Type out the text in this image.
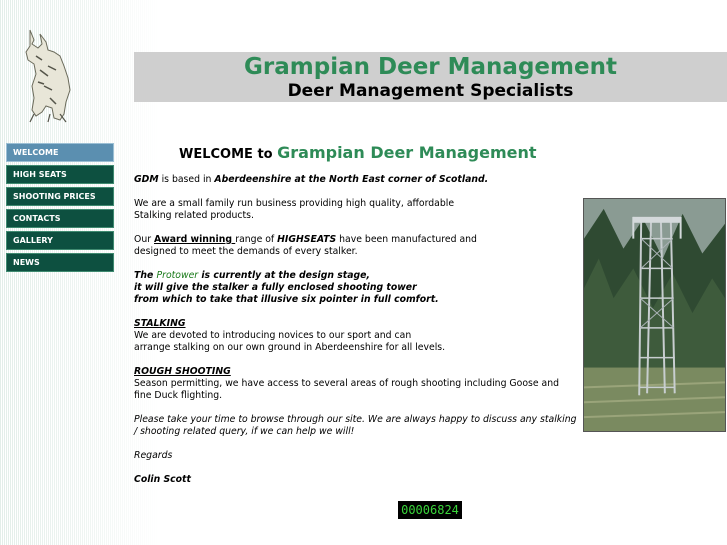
Grampian Deer Management
Deer Management Specialists
WELCOME
HIGH SEATS
SHOOTING PRICES
CONTACTS
GALLERY
NEWS
WELCOME to Grampian Deer Management

GDM is based in Aberdeenshire at the North East corner of Scotland.

We are a small family run business providing high quality, affordable
Stalking related products.

Our Award winning range of HIGHSEATS have been manufactured and
designed to meet the demands of every stalker.

The Protower is currently at the design stage,
it will give the stalker a fully enclosed shooting tower
from which to take that illusive six pointer in full comfort.

STALKING
We are devoted to introducing novices to our sport and can
arrange stalking on our own ground in Aberdeenshire for all levels.

ROUGH SHOOTING
Season permitting, we have access to several areas of rough shooting including Goose and
fine Duck flighting.

Please take your time to browse through our site. We are always happy to discuss any stalking
/ shooting related query, if we can help we will!

Regards

Colin Scott

00006824
